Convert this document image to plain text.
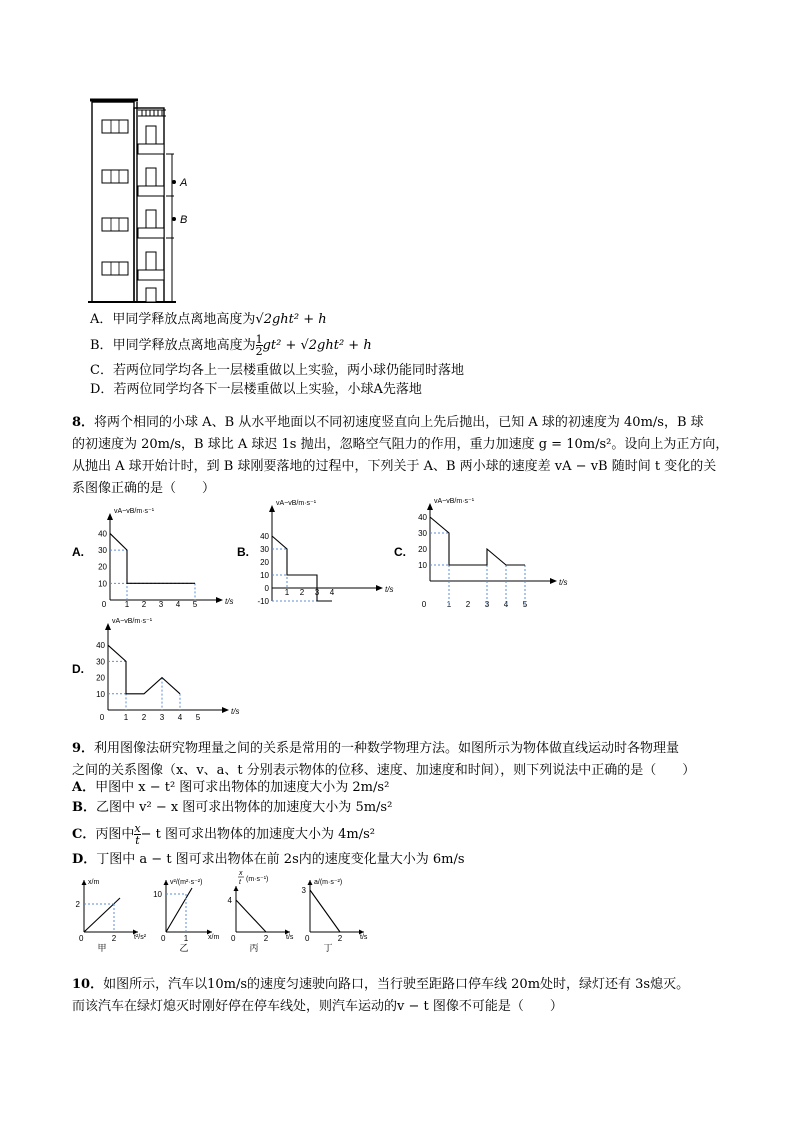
A
B
A．甲同学释放点离地高度为√2ght² + h
B．甲同学释放点离地高度为 $\frac{1}{2} gt^2 + √2ght^2 + h$
C．若两位同学均各上一层楼重做以上实验，两小球仍能同时落地
D．若两位同学均各下一层楼重做以上实验，小球A先落地
8．将两个相同的小球 A、B 从水平地面以不同初速度竖直向上先后抛出，已知 A 球的初速度为 40m/s，B 球
的初速度为 20m/s，B 球比 A 球迟 1s 抛出，忽略空气阻力的作用，重力加速度 g = 10m/s²。设向上为正方向，
从抛出 A 球开始计时，到 B 球刚要落地的过程中，下列关于 A、B 两小球的速度差 vA − vB 随时间 t 变化的关
系图像正确的是（　　）
A.	B.	C.
D.
vA−vB/m·s⁻¹
t/s
10
20
30
40
0 1 2 3 4 5
vA−vB/m·s⁻¹
t/s
-10
0
10
20
30
40
1 2 3 4
vA−vB/m·s⁻¹
t/s
10
20
30
40
0	1 2 3 4 5
vA−vB/m·s⁻¹
t/s
10
20
30
40
0 1 2 3 4 5
9．利用图像法研究物理量之间的关系是常用的一种数学物理方法。如图所示为物体做直线运动时各物理量
之间的关系图像（x、v、a、t 分别表示物体的位移、速度、加速度和时间），则下列说法中正确的是（　　）
A．甲图中 x − t² 图可求出物体的加速度大小为 2m/s²
B．乙图中 v² − x 图可求出物体的加速度大小为 5m/s²
C．丙图中 $\frac{x}{t} - t$ 图可求出物体的加速度大小为 4m/s²
D．丁图中 a − t 图可求出物体在前 2s内的速度变化量大小为 6m/s
2
2
0
x/m
t²/s²
甲
10
1
0
v²/(m²·s⁻²)
x/m
乙
4
2
0
x
t (m·s⁻¹)
t/s
丙
3
2
0
a/(m·s⁻²)
t/s
丁
10．如图所示，汽车以10m/s的速度匀速驶向路口，当行驶至距路口停车线 20m处时，绿灯还有 3s熄灭。
而该汽车在绿灯熄灭时刚好停在停车线处，则汽车运动的v − t 图像不可能是（　　）
